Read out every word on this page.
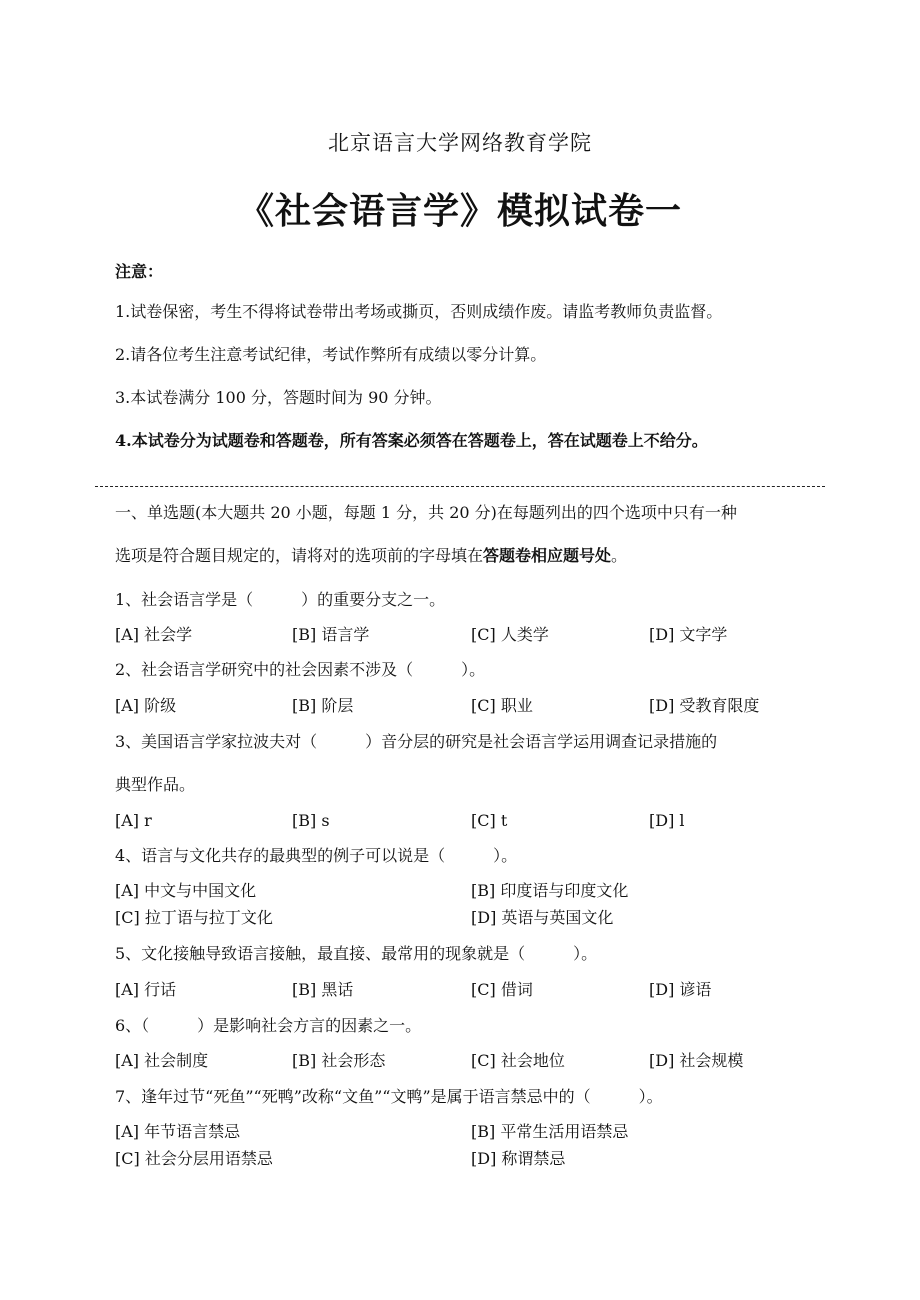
北京语言大学网络教育学院
《社会语言学》模拟试卷一
注意：
1.试卷保密，考生不得将试卷带出考场或撕页，否则成绩作废。请监考教师负责监督。
2.请各位考生注意考试纪律，考试作弊所有成绩以零分计算。
3.本试卷满分 100 分，答题时间为 90 分钟。
4.本试卷分为试题卷和答题卷，所有答案必须答在答题卷上，答在试题卷上不给分。
一、单选题(本大题共 20 小题，每题 1 分，共 20 分)在每题列出的四个选项中只有一种
选项是符合题目规定的，请将对的选项前的字母填在答题卷相应题号处。
1、社会语言学是（　　　）的重要分支之一。
[A] 社会学	[B] 语言学	[C] 人类学	[D] 文字学
2、社会语言学研究中的社会因素不涉及（　　　）。
[A] 阶级	[B] 阶层	[C] 职业	[D] 受教育限度
3、美国语言学家拉波夫对（　　　）音分层的研究是社会语言学运用调查记录措施的
典型作品。
[A] r	[B] s	[C] t	[D] l
4、语言与文化共存的最典型的例子可以说是（　　　）。
[A] 中文与中国文化	[B] 印度语与印度文化
[C] 拉丁语与拉丁文化	[D] 英语与英国文化
5、文化接触导致语言接触，最直接、最常用的现象就是（　　　）。
[A] 行话	[B] 黑话	[C] 借词	[D] 谚语
6、（　　　）是影响社会方言的因素之一。
[A] 社会制度	[B] 社会形态	[C] 社会地位	[D] 社会规模
7、逢年过节“死鱼”“死鸭”改称“文鱼”“文鸭”是属于语言禁忌中的（　　　）。
[A] 年节语言禁忌	[B] 平常生活用语禁忌
[C] 社会分层用语禁忌	[D] 称谓禁忌
